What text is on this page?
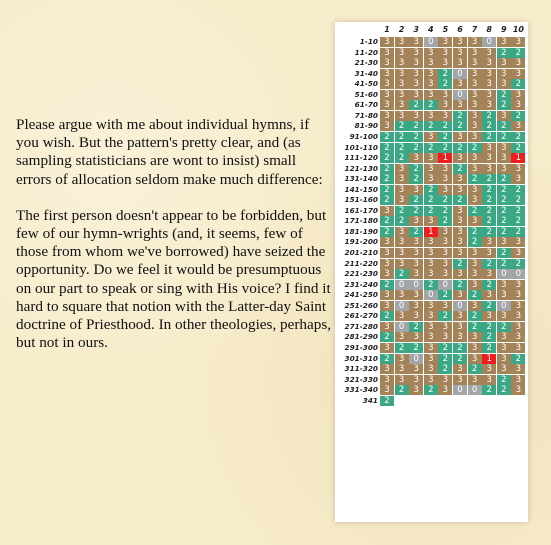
Please argue with me about individual hymns, if you wish. But the pattern's pretty clear, and (as sampling statisticians are wont to insist) small errors of allocation seldom make much difference:

The first person doesn't appear to be forbidden, but few of our hymn-wrights (and, it seems, few of those from whom we've borrowed) have seized the opportunity. Do we feel it would be presumptuous on our part to speak or sing with His voice? I find it hard to square that notion with the Latter-day Saint doctrine of Priesthood. In other theologies, perhaps, but not in ours.

1	2	3	4	5	6	7	8	9 10
1-10 3	3	3	0	3	3	3	0	3	3
11-20 3	3	3	3	3	3	3	3	2	2
21-30 3	3	3	3	3	3	3	3	3	3
31-40 3	3	3	3	2	0	3	3	3	3
41-50 3	3	3	3	2	3	3	3	3	2
51-60 3	3	3	3	3	0	3	3	2	3
61-70 3	3	2	2	3	3	3	3	2	3
71-80 3	3	3	3	3	2	3	2	3	2
81-90 3	2	2	2	2	2	3	2	2	3
91-100 2	2	2	3	2	3	3	2	2	2
101-110 2	2	2	2	2	2	2	3	3	2
111-120 2	2	3	3	1	3	3	3	3	1
121-130 2	3	2	3	3	2	3	3	3	3
131-140 2	3	2	3	3	3	2	2	2	3
141-150 2	3	3	2	3	3	3	2	2	2
151-160 2	3	2	2	2	2	3	2	2	2
161-170 3	2	2	2	2	3	2	2	2	2
171-180 2	2	3	3	2	3	3	2	2	2
181-190 2	3	2	1	3	3	2	2	2	2
191-200 3	3	3	3	3	3	2	3	3	3
201-210 3	3	3	3	3	3	3	3	2	3
211-220 3	3	3	3	3	2	3	2	2	2
221-230 3	2	3	3	3	3	3	3	0	0
231-240 2	0	0	2	0	2	3	2	3	3
241-250 3	3	3	0	2	3	2	3	3	3
251-260 3	0	3	3	3	0	3	2	0	3
261-270 2	3	3	3	2	3	2	3	3	3
271-280 3	0	2	3	3	3	2	2	2	3
281-290 2	3	3	3	3	3	3	2	3	3
291-300 3	2	2	3	2	2	3	2	3	3
301-310 2	3	0	3	2	2	3	1	3	2
311-320 3	3	3	3	2	3	2	3	3	3
321-330 3	3	3	3	3	3	3	3	2	3
331-340 3	2	3	2	3	0	0	2	2	3
341 2
